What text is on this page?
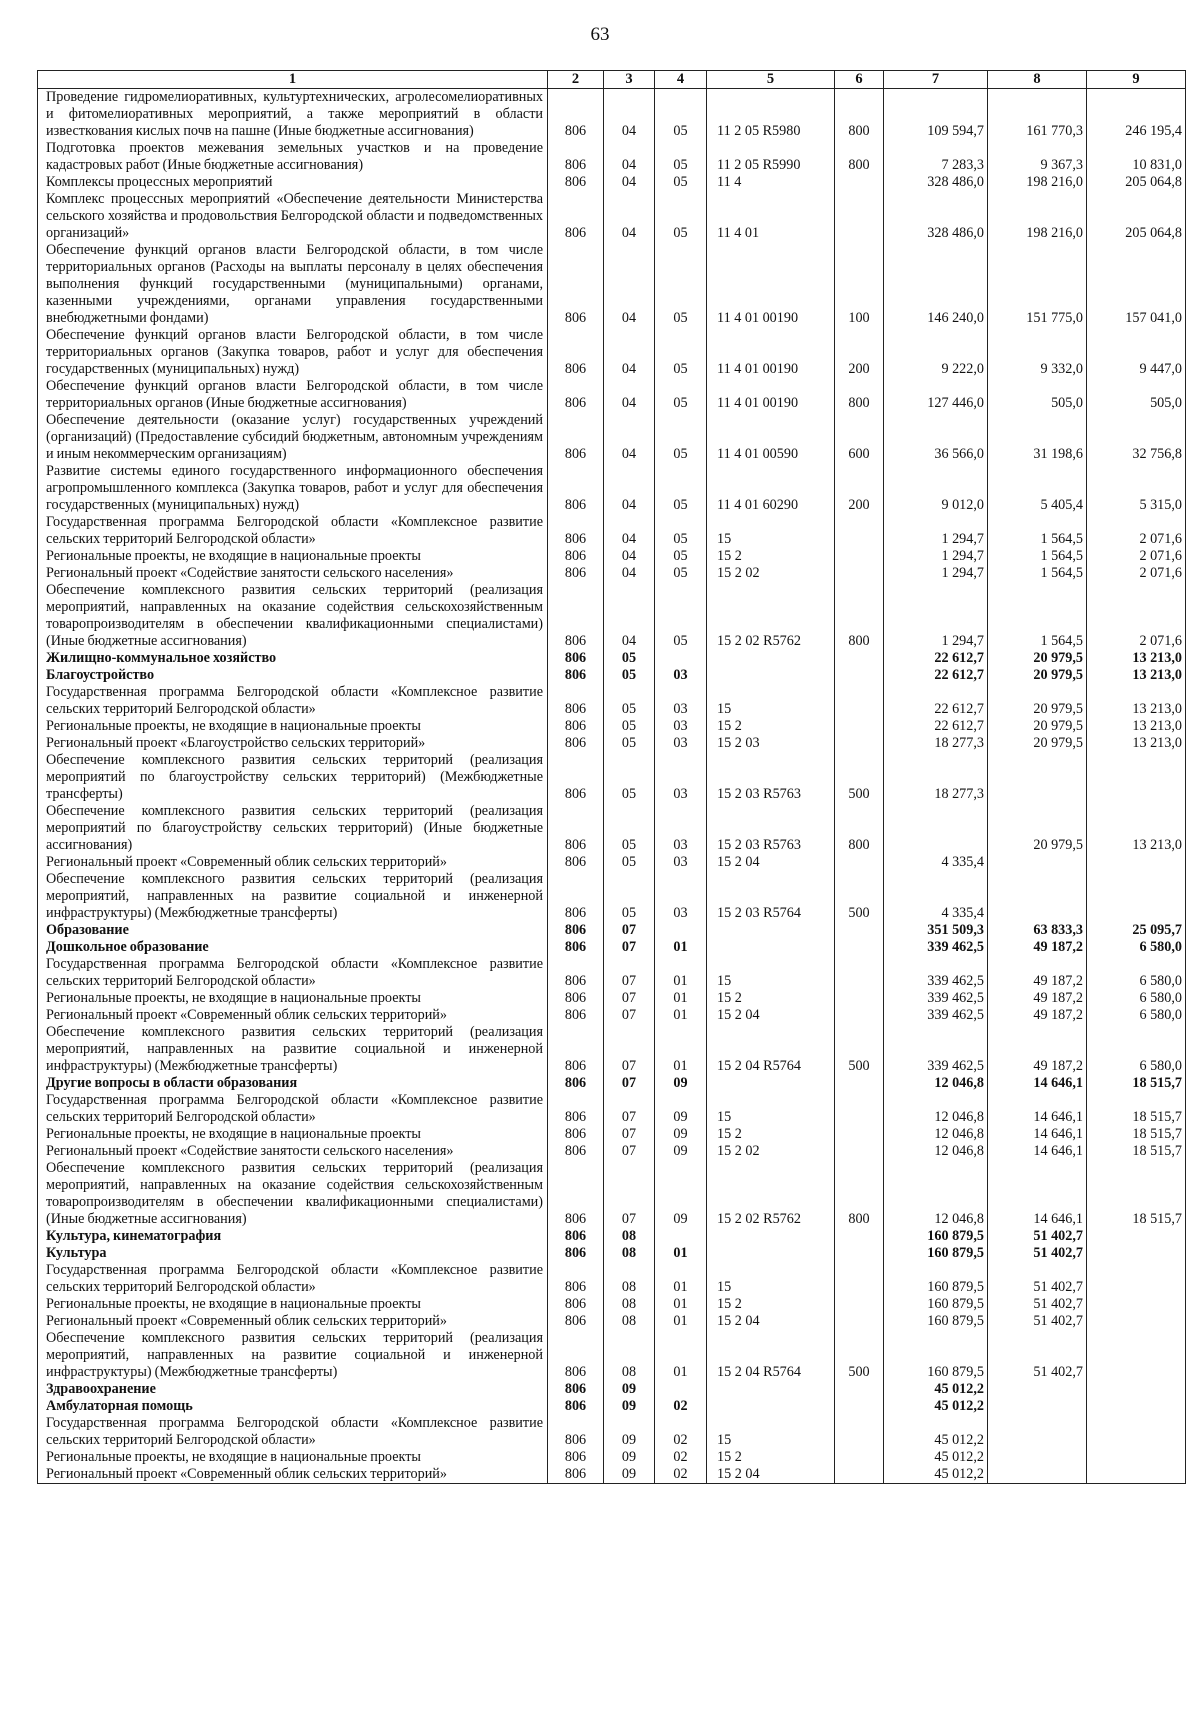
63
1	2	3	4	5	6	7	8	9
Проведение гидромелиоративных, культуртехнических, агролесомелиоративных и фитомелиоративных мероприятий, а также мероприятий в области известкования кислых почв на пашне (Иные бюджетные ассигнования)	806	04	05	11 2 05 R5980	800	109 594,7	161 770,3	246 195,4
Подготовка проектов межевания земельных участков и на проведение кадастровых работ (Иные бюджетные ассигнования)	806	04	05	11 2 05 R5990	800	7 283,3	9 367,3	10 831,0
Комплексы процессных мероприятий	806	04	05	11 4		328 486,0	198 216,0	205 064,8
Комплекс процессных мероприятий «Обеспечение деятельности Министерства сельского хозяйства и продовольствия Белгородской области и подведомственных организаций»	806	04	05	11 4 01		328 486,0	198 216,0	205 064,8
Обеспечение функций органов власти Белгородской области, в том числе территориальных органов (Расходы на выплаты персоналу в целях обеспечения выполнения функций государственными (муниципальными) органами, казенными учреждениями, органами управления государственными внебюджетными фондами)	806	04	05	11 4 01 00190	100	146 240,0	151 775,0	157 041,0
Обеспечение функций органов власти Белгородской области, в том числе территориальных органов (Закупка товаров, работ и услуг для обеспечения государственных (муниципальных) нужд)	806	04	05	11 4 01 00190	200	9 222,0	9 332,0	9 447,0
Обеспечение функций органов власти Белгородской области, в том числе территориальных органов (Иные бюджетные ассигнования)	806	04	05	11 4 01 00190	800	127 446,0	505,0	505,0
Обеспечение деятельности (оказание услуг) государственных учреждений (организаций) (Предоставление субсидий бюджетным, автономным учреждениям и иным некоммерческим организациям)	806	04	05	11 4 01 00590	600	36 566,0	31 198,6	32 756,8
Развитие системы единого государственного информационного обеспечения агропромышленного комплекса (Закупка товаров, работ и услуг для обеспечения государственных (муниципальных) нужд)	806	04	05	11 4 01 60290	200	9 012,0	5 405,4	5 315,0
Государственная программа Белгородской области «Комплексное развитие сельских территорий Белгородской области»	806	04	05	15		1 294,7	1 564,5	2 071,6
Региональные проекты, не входящие в национальные проекты	806	04	05	15 2		1 294,7	1 564,5	2 071,6
Региональный проект «Содействие занятости сельского населения»	806	04	05	15 2 02		1 294,7	1 564,5	2 071,6
Обеспечение комплексного развития сельских территорий (реализация мероприятий, направленных на оказание содействия сельскохозяйственным товаропроизводителям в обеспечении квалификационными специалистами) (Иные бюджетные ассигнования)	806	04	05	15 2 02 R5762	800	1 294,7	1 564,5	2 071,6
Жилищно-коммунальное хозяйство	806	05				22 612,7	20 979,5	13 213,0
Благоустройство	806	05	03			22 612,7	20 979,5	13 213,0
Государственная программа Белгородской области «Комплексное развитие сельских территорий Белгородской области»	806	05	03	15		22 612,7	20 979,5	13 213,0
Региональные проекты, не входящие в национальные проекты	806	05	03	15 2		22 612,7	20 979,5	13 213,0
Региональный проект «Благоустройство сельских территорий»	806	05	03	15 2 03		18 277,3	20 979,5	13 213,0
Обеспечение комплексного развития сельских территорий (реализация мероприятий по благоустройству сельских территорий) (Межбюджетные трансферты)	806	05	03	15 2 03 R5763	500	18 277,3		
Обеспечение комплексного развития сельских территорий (реализация мероприятий по благоустройству сельских территорий) (Иные бюджетные ассигнования)	806	05	03	15 2 03 R5763	800		20 979,5	13 213,0
Региональный проект «Современный облик сельских территорий»	806	05	03	15 2 04		4 335,4		
Обеспечение комплексного развития сельских территорий (реализация мероприятий, направленных на развитие социальной и инженерной инфраструктуры) (Межбюджетные трансферты)	806	05	03	15 2 03 R5764	500	4 335,4		
Образование	806	07				351 509,3	63 833,3	25 095,7
Дошкольное образование	806	07	01			339 462,5	49 187,2	6 580,0
Государственная программа Белгородской области «Комплексное развитие сельских территорий Белгородской области»	806	07	01	15		339 462,5	49 187,2	6 580,0
Региональные проекты, не входящие в национальные проекты	806	07	01	15 2		339 462,5	49 187,2	6 580,0
Региональный проект «Современный облик сельских территорий»	806	07	01	15 2 04		339 462,5	49 187,2	6 580,0
Обеспечение комплексного развития сельских территорий (реализация мероприятий, направленных на развитие социальной и инженерной инфраструктуры) (Межбюджетные трансферты)	806	07	01	15 2 04 R5764	500	339 462,5	49 187,2	6 580,0
Другие вопросы в области образования	806	07	09			12 046,8	14 646,1	18 515,7
Государственная программа Белгородской области «Комплексное развитие сельских территорий Белгородской области»	806	07	09	15		12 046,8	14 646,1	18 515,7
Региональные проекты, не входящие в национальные проекты	806	07	09	15 2		12 046,8	14 646,1	18 515,7
Региональный проект «Содействие занятости сельского населения»	806	07	09	15 2 02		12 046,8	14 646,1	18 515,7
Обеспечение комплексного развития сельских территорий (реализация мероприятий, направленных на оказание содействия сельскохозяйственным товаропроизводителям в обеспечении квалификационными специалистами) (Иные бюджетные ассигнования)	806	07	09	15 2 02 R5762	800	12 046,8	14 646,1	18 515,7
Культура, кинематография	806	08				160 879,5	51 402,7	
Культура	806	08	01			160 879,5	51 402,7	
Государственная программа Белгородской области «Комплексное развитие сельских территорий Белгородской области»	806	08	01	15		160 879,5	51 402,7	
Региональные проекты, не входящие в национальные проекты	806	08	01	15 2		160 879,5	51 402,7	
Региональный проект «Современный облик сельских территорий»	806	08	01	15 2 04		160 879,5	51 402,7	
Обеспечение комплексного развития сельских территорий (реализация мероприятий, направленных на развитие социальной и инженерной инфраструктуры) (Межбюджетные трансферты)	806	08	01	15 2 04 R5764	500	160 879,5	51 402,7	
Здравоохранение	806	09				45 012,2		
Амбулаторная помощь	806	09	02			45 012,2		
Государственная программа Белгородской области «Комплексное развитие сельских территорий Белгородской области»	806	09	02	15		45 012,2		
Региональные проекты, не входящие в национальные проекты	806	09	02	15 2		45 012,2		
Региональный проект «Современный облик сельских территорий»	806	09	02	15 2 04		45 012,2		
